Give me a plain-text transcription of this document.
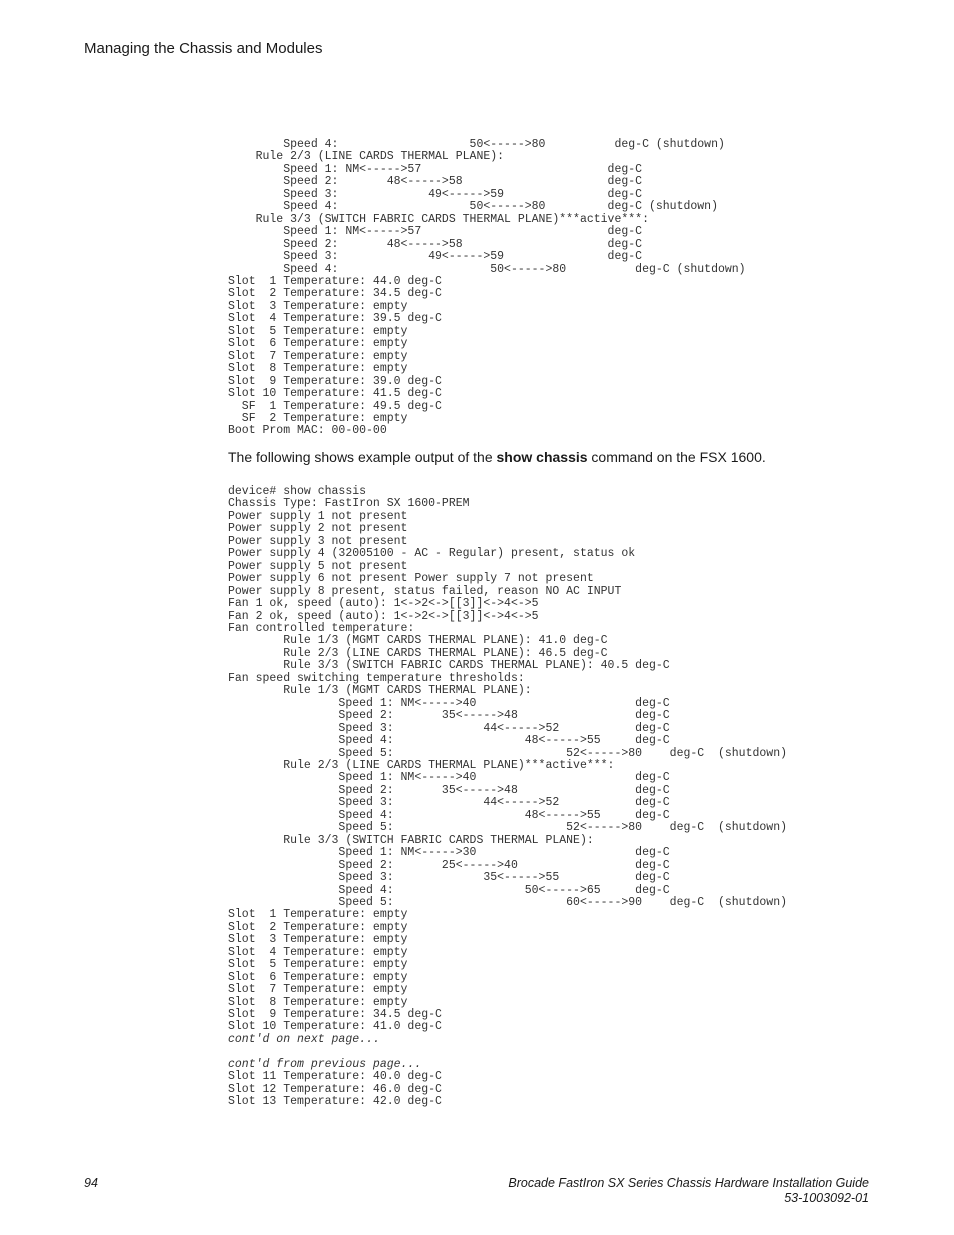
Managing the Chassis and Modules
Speed 4:                   50<----->80          deg-C (shutdown)
Rule 2/3 (LINE CARDS THERMAL PLANE):
Speed 1: NM<----->57                           deg-C
Speed 2:       48<----->58                     deg-C
Speed 3:             49<----->59               deg-C
Speed 4:                   50<----->80         deg-C (shutdown)
Rule 3/3 (SWITCH FABRIC CARDS THERMAL PLANE)***active***:
Speed 1: NM<----->57                           deg-C
Speed 2:       48<----->58                     deg-C
Speed 3:             49<----->59               deg-C
Speed 4:                      50<----->80          deg-C (shutdown)
Slot  1 Temperature: 44.0 deg-C
Slot  2 Temperature: 34.5 deg-C
Slot  3 Temperature: empty
Slot  4 Temperature: 39.5 deg-C
Slot  5 Temperature: empty
Slot  6 Temperature: empty
Slot  7 Temperature: empty
Slot  8 Temperature: empty
Slot  9 Temperature: 39.0 deg-C
Slot 10 Temperature: 41.5 deg-C
SF  1 Temperature: 49.5 deg-C
SF  2 Temperature: empty
Boot Prom MAC: 00-00-00
The following shows example output of the show chassis command on the FSX 1600.
device# show chassis
Chassis Type: FastIron SX 1600-PREM
Power supply 1 not present
Power supply 2 not present
Power supply 3 not present
Power supply 4 (32005100 - AC - Regular) present, status ok
Power supply 5 not present
Power supply 6 not present Power supply 7 not present
Power supply 8 present, status failed, reason NO AC INPUT
Fan 1 ok, speed (auto): 1<->2<->[[3]]<->4<->5
Fan 2 ok, speed (auto): 1<->2<->[[3]]<->4<->5
Fan controlled temperature:
Rule 1/3 (MGMT CARDS THERMAL PLANE): 41.0 deg-C
Rule 2/3 (LINE CARDS THERMAL PLANE): 46.5 deg-C
Rule 3/3 (SWITCH FABRIC CARDS THERMAL PLANE): 40.5 deg-C
Fan speed switching temperature thresholds:
Rule 1/3 (MGMT CARDS THERMAL PLANE):
Speed 1: NM<----->40                       deg-C
Speed 2:       35<----->48                 deg-C
Speed 3:             44<----->52           deg-C
Speed 4:                   48<----->55     deg-C
Speed 5:                         52<----->80    deg-C  (shutdown)
Rule 2/3 (LINE CARDS THERMAL PLANE)***active***:
Speed 1: NM<----->40                       deg-C
Speed 2:       35<----->48                 deg-C
Speed 3:             44<----->52           deg-C
Speed 4:                   48<----->55     deg-C
Speed 5:                         52<----->80    deg-C  (shutdown)
Rule 3/3 (SWITCH FABRIC CARDS THERMAL PLANE):
Speed 1: NM<----->30                       deg-C
Speed 2:       25<----->40                 deg-C
Speed 3:             35<----->55           deg-C
Speed 4:                   50<----->65     deg-C
Speed 5:                         60<----->90    deg-C  (shutdown)
Slot  1 Temperature: empty
Slot  2 Temperature: empty
Slot  3 Temperature: empty
Slot  4 Temperature: empty
Slot  5 Temperature: empty
Slot  6 Temperature: empty
Slot  7 Temperature: empty
Slot  8 Temperature: empty
Slot  9 Temperature: 34.5 deg-C
Slot 10 Temperature: 41.0 deg-C
cont'd on next page...

cont'd from previous page...
Slot 11 Temperature: 40.0 deg-C
Slot 12 Temperature: 46.0 deg-C
Slot 13 Temperature: 42.0 deg-C
94	Brocade FastIron SX Series Chassis Hardware Installation Guide
53-1003092-01
